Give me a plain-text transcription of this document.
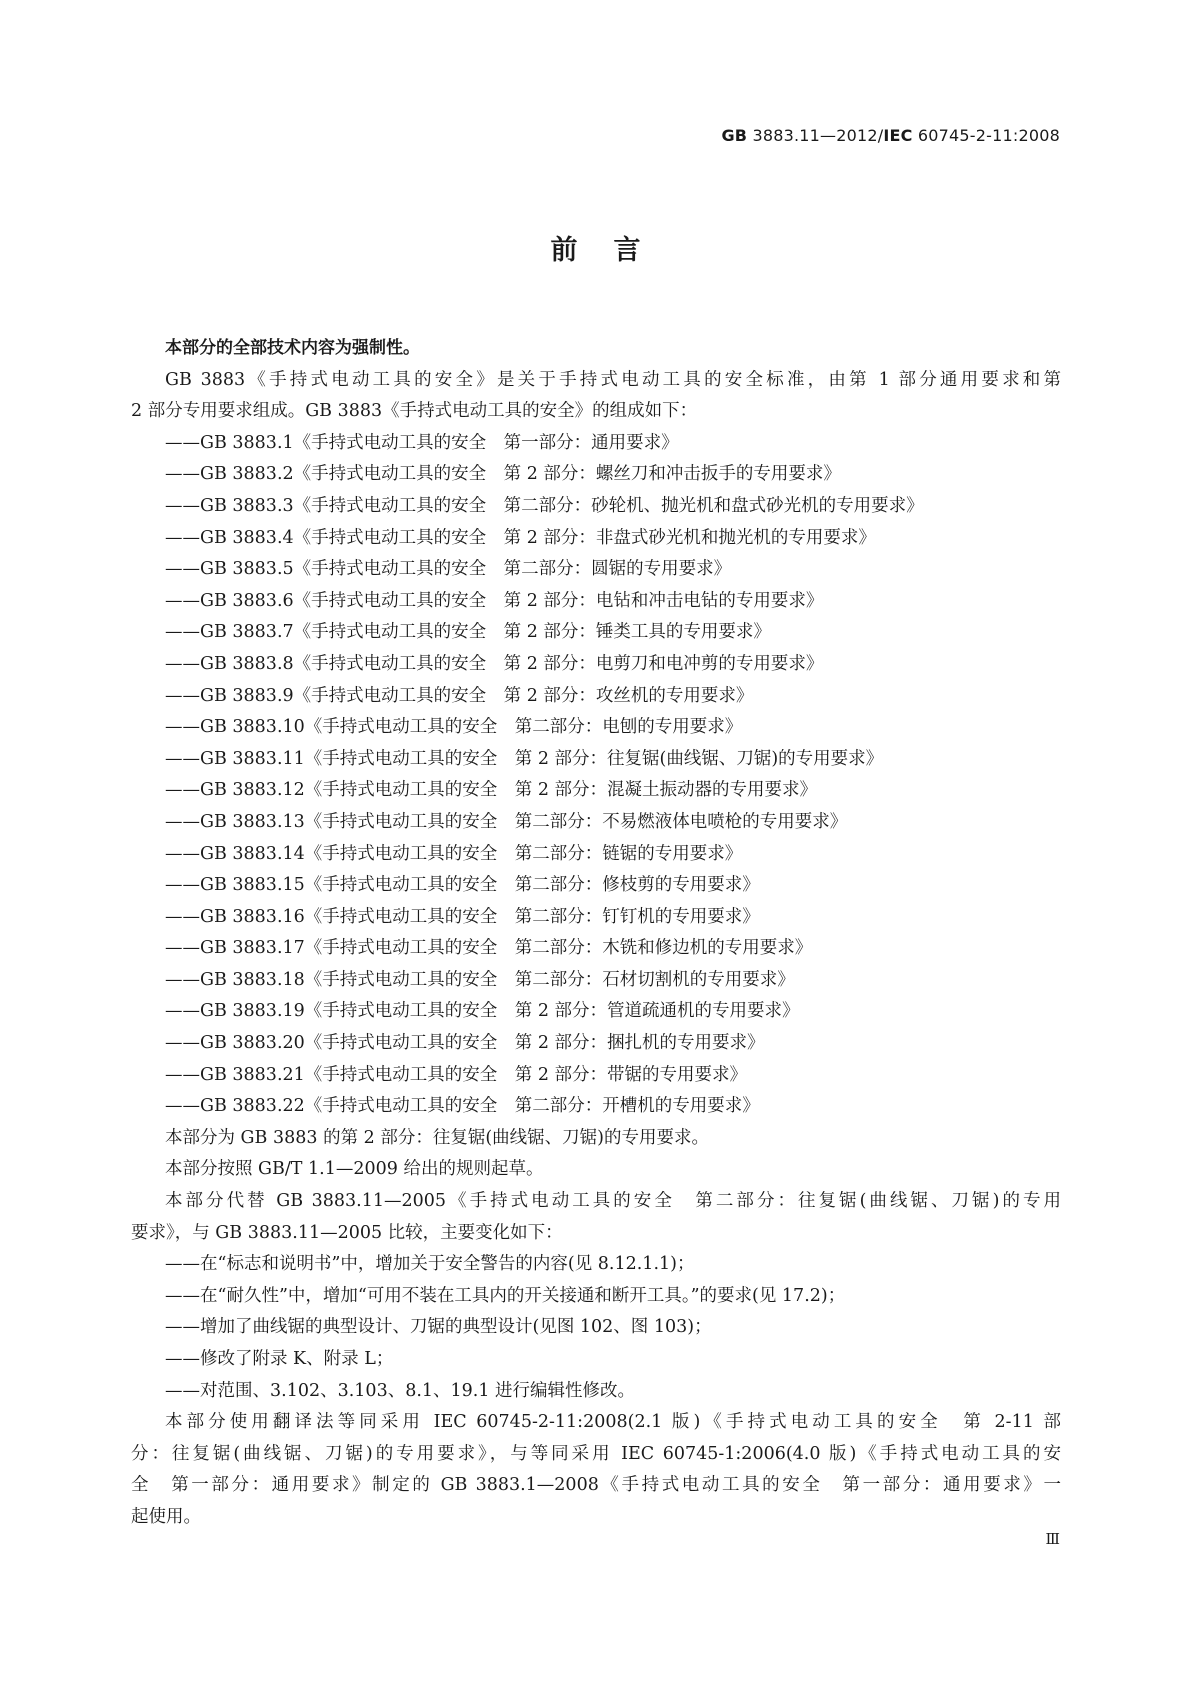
GB 3883.11—2012/IEC 60745-2-11:2008
前言
本部分的全部技术内容为强制性。
GB 3883《手持式电动工具的安全》是关于手持式电动工具的安全标准，由第 1 部分通用要求和第
2 部分专用要求组成。GB 3883《手持式电动工具的安全》的组成如下：
——GB 3883.1《手持式电动工具的安全　第一部分：通用要求》
——GB 3883.2《手持式电动工具的安全　第 2 部分：螺丝刀和冲击扳手的专用要求》
——GB 3883.3《手持式电动工具的安全　第二部分：砂轮机、抛光机和盘式砂光机的专用要求》
——GB 3883.4《手持式电动工具的安全　第 2 部分：非盘式砂光机和抛光机的专用要求》
——GB 3883.5《手持式电动工具的安全　第二部分：圆锯的专用要求》
——GB 3883.6《手持式电动工具的安全　第 2 部分：电钻和冲击电钻的专用要求》
——GB 3883.7《手持式电动工具的安全　第 2 部分：锤类工具的专用要求》
——GB 3883.8《手持式电动工具的安全　第 2 部分：电剪刀和电冲剪的专用要求》
——GB 3883.9《手持式电动工具的安全　第 2 部分：攻丝机的专用要求》
——GB 3883.10《手持式电动工具的安全　第二部分：电刨的专用要求》
——GB 3883.11《手持式电动工具的安全　第 2 部分：往复锯(曲线锯、刀锯)的专用要求》
——GB 3883.12《手持式电动工具的安全　第 2 部分：混凝土振动器的专用要求》
——GB 3883.13《手持式电动工具的安全　第二部分：不易燃液体电喷枪的专用要求》
——GB 3883.14《手持式电动工具的安全　第二部分：链锯的专用要求》
——GB 3883.15《手持式电动工具的安全　第二部分：修枝剪的专用要求》
——GB 3883.16《手持式电动工具的安全　第二部分：钉钉机的专用要求》
——GB 3883.17《手持式电动工具的安全　第二部分：木铣和修边机的专用要求》
——GB 3883.18《手持式电动工具的安全　第二部分：石材切割机的专用要求》
——GB 3883.19《手持式电动工具的安全　第 2 部分：管道疏通机的专用要求》
——GB 3883.20《手持式电动工具的安全　第 2 部分：捆扎机的专用要求》
——GB 3883.21《手持式电动工具的安全　第 2 部分：带锯的专用要求》
——GB 3883.22《手持式电动工具的安全　第二部分：开槽机的专用要求》
本部分为 GB 3883 的第 2 部分：往复锯(曲线锯、刀锯)的专用要求。
本部分按照 GB/T 1.1—2009 给出的规则起草。
本部分代替 GB 3883.11—2005《手持式电动工具的安全　第二部分：往复锯(曲线锯、刀锯)的专用
要求》，与 GB 3883.11—2005 比较，主要变化如下：
——在“标志和说明书”中，增加关于安全警告的内容(见 8.12.1.1)；
——在“耐久性”中，增加“可用不装在工具内的开关接通和断开工具。”的要求(见 17.2)；
——增加了曲线锯的典型设计、刀锯的典型设计(见图 102、图 103)；
——修改了附录 K、附录 L；
——对范围、3.102、3.103、8.1、19.1 进行编辑性修改。
本部分使用翻译法等同采用 IEC 60745-2-11:2008(2.1 版)《手持式电动工具的安全　第 2-11 部
分：往复锯(曲线锯、刀锯)的专用要求》，与等同采用 IEC 60745-1:2006(4.0 版)《手持式电动工具的安
全　第一部分：通用要求》制定的 GB 3883.1—2008《手持式电动工具的安全　第一部分：通用要求》一
起使用。
Ⅲ
